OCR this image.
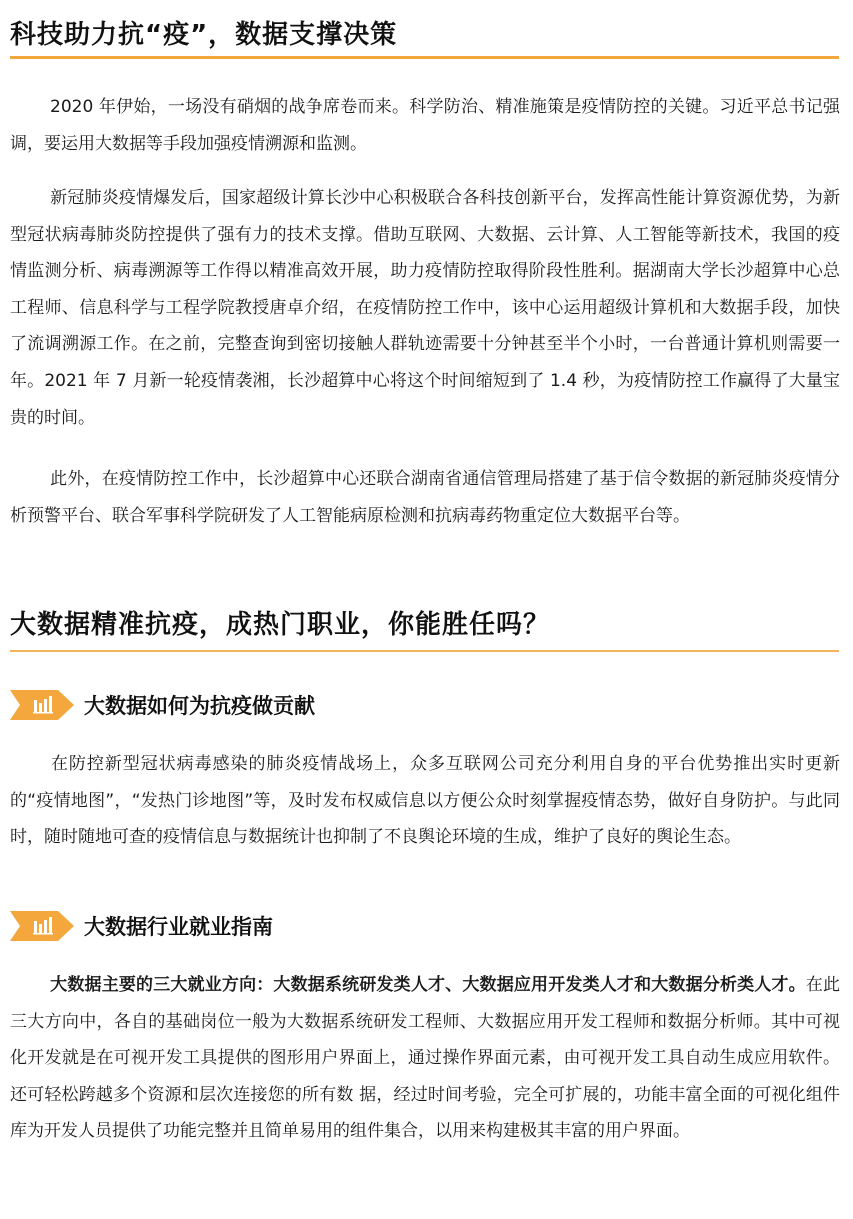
科技助力抗“疫”，数据支撑决策

2020 年伊始，一场没有硝烟的战争席卷而来。科学防治、精准施策是疫情防控的关键。习近平总书记强调，要运用大数据等手段加强疫情溯源和监测。

新冠肺炎疫情爆发后，国家超级计算长沙中心积极联合各科技创新平台，发挥高性能计算资源优势，为新型冠状病毒肺炎防控提供了强有力的技术支撑。借助互联网、大数据、云计算、人工智能等新技术，我国的疫情监测分析、病毒溯源等工作得以精准高效开展，助力疫情防控取得阶段性胜利。据湖南大学长沙超算中心总工程师、信息科学与工程学院教授唐卓介绍，在疫情防控工作中，该中心运用超级计算机和大数据手段，加快了流调溯源工作。在之前，完整查询到密切接触人群轨迹需要十分钟甚至半个小时，一台普通计算机则需要一年。2021 年 7 月新一轮疫情袭湘，长沙超算中心将这个时间缩短到了 1.4 秒，为疫情防控工作赢得了大量宝贵的时间。

此外，在疫情防控工作中，长沙超算中心还联合湖南省通信管理局搭建了基于信令数据的新冠肺炎疫情分析预警平台、联合军事科学院研发了人工智能病原检测和抗病毒药物重定位大数据平台等。

大数据精准抗疫，成热门职业，你能胜任吗？
大数据如何为抗疫做贡献

在防控新型冠状病毒感染的肺炎疫情战场上，众多互联网公司充分利用自身的平台优势推出实时更新的“疫情地图”，“发热门诊地图”等，及时发布权威信息以方便公众时刻掌握疫情态势，做好自身防护。与此同时，随时随地可查的疫情信息与数据统计也抑制了不良舆论环境的生成，维护了良好的舆论生态。

大数据行业就业指南

大数据主要的三大就业方向：大数据系统研发类人才、大数据应用开发类人才和大数据分析类人才。在此三大方向中，各自的基础岗位一般为大数据系统研发工程师、大数据应用开发工程师和数据分析师。其中可视化开发就是在可视开发工具提供的图形用户界面上，通过操作界面元素，由可视开发工具自动生成应用软件。还可轻松跨越多个资源和层次连接您的所有数 据，经过时间考验，完全可扩展的，功能丰富全面的可视化组件库为开发人员提供了功能完整并且简单易用的组件集合，以用来构建极其丰富的用户界面。
